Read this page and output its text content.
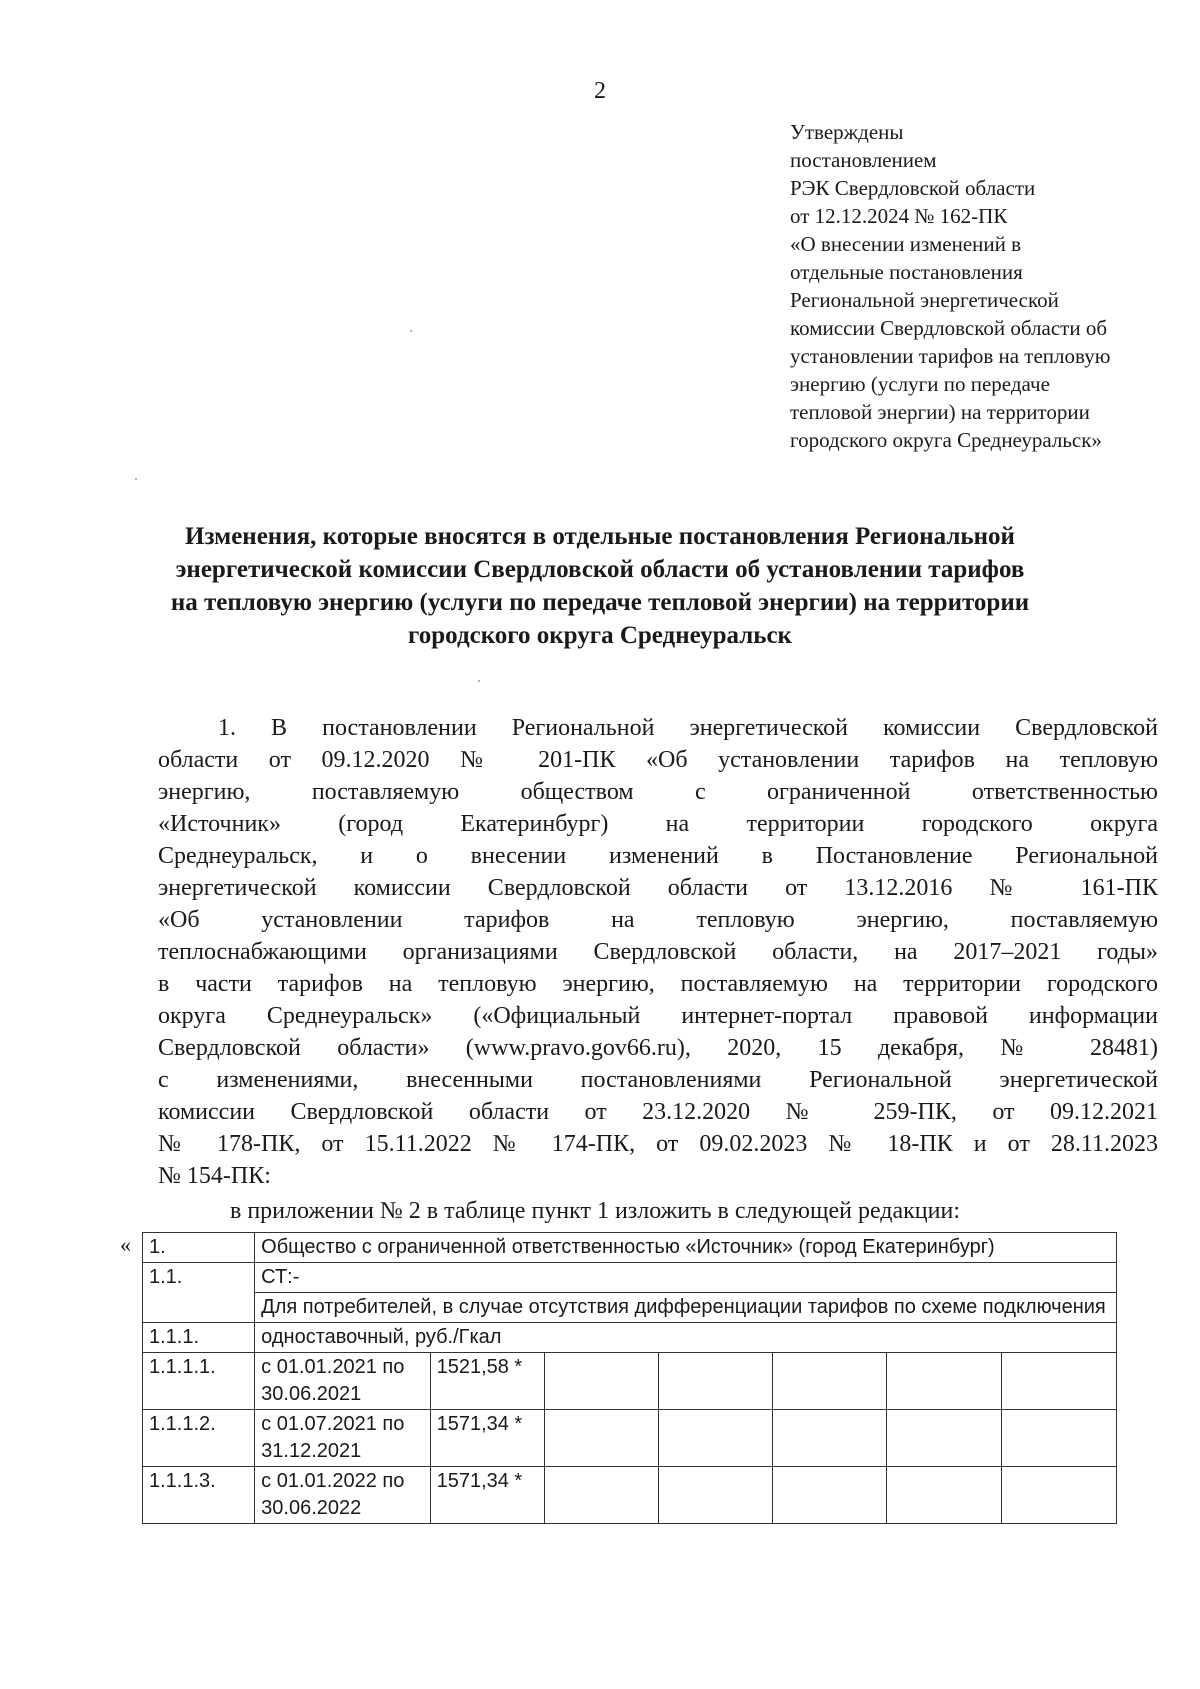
2
Утверждены
постановлением
РЭК Свердловской области
от 12.12.2024 № 162-ПК
«О внесении изменений в
отдельные постановления
Региональной энергетической
комиссии Свердловской области об
установлении тарифов на тепловую
энергию (услуги по передаче
тепловой энергии) на территории
городского округа Среднеуральск»
Изменения, которые вносятся в отдельные постановления Региональной
энергетической комиссии Свердловской области об установлении тарифов
на тепловую энергию (услуги по передаче тепловой энергии) на территории
городского округа Среднеуральск

1. В постановлении Региональной энергетической комиссии Свердловской

области от 09.12.2020 № 201-ПК «Об установлении тарифов на тепловую

энергию, поставляемую обществом с ограниченной ответственностью

«Источник» (город Екатеринбург) на территории городского округа

Среднеуральск, и о внесении изменений в Постановление Региональной

энергетической комиссии Свердловской области от 13.12.2016 № 161-ПК

«Об установлении тарифов на тепловую энергию, поставляемую

теплоснабжающими организациями Свердловской области, на 2017–2021 годы»

в части тарифов на тепловую энергию, поставляемую на территории городского

округа Среднеуральск» («Официальный интернет-портал правовой информации

Свердловской области» (www.pravo.gov66.ru), 2020, 15 декабря, № 28481)

с изменениями, внесенными постановлениями Региональной энергетической

комиссии Свердловской области от 23.12.2020 № 259-ПК, от 09.12.2021

№ 178-ПК, от 15.11.2022 № 174-ПК, от 09.02.2023 № 18-ПК и от 28.11.2023

№ 154-ПК:

в приложении № 2 в таблице пункт 1 изложить в следующей редакции:
« 1.	Общество с ограниченной ответственностью «Источник» (город Екатеринбург)						
1.1.	СТ:-						
	Для потребителей, в случае отсутствия дифференциации тарифов по схеме подключения						
1.1.1.	одноставочный, руб./Гкал						
1.1.1.1.	с 01.01.2021 по 30.06.2021	1521,58 *					
1.1.1.2.	с 01.07.2021 по 31.12.2021	1571,34 *					
1.1.1.3.	с 01.01.2022 по 30.06.2022	1571,34 *					
